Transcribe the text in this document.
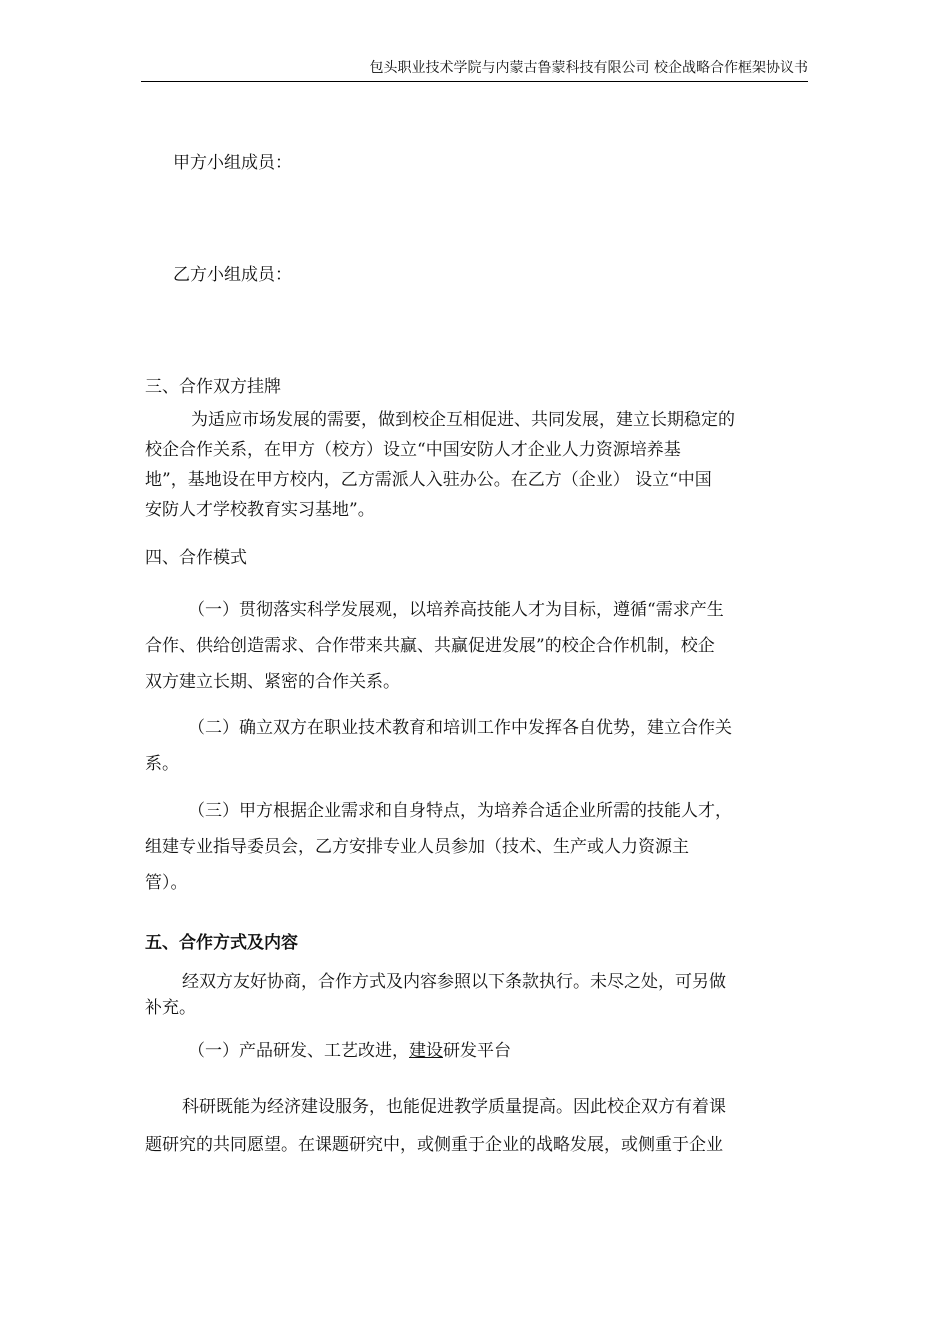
包头职业技术学院与内蒙古鲁蒙科技有限公司 校企战略合作框架协议书

甲方小组成员：

乙方小组成员：

三、合作双方挂牌

为适应市场发展的需要，做到校企互相促进、共同发展，建立长期稳定的
校企合作关系，在甲方（校方）设立“中国安防人才企业人力资源培养基
地”，基地设在甲方校内，乙方需派人入驻办公。在乙方（企业） 设立“中国
安防人才学校教育实习基地”。

四、合作模式

（一）贯彻落实科学发展观，以培养高技能人才为目标，遵循“需求产生
合作、供给创造需求、合作带来共赢、共赢促进发展”的校企合作机制，校企
双方建立长期、紧密的合作关系。
（二）确立双方在职业技术教育和培训工作中发挥各自优势，建立合作关
系。
（三）甲方根据企业需求和自身特点，为培养合适企业所需的技能人才，
组建专业指导委员会，乙方安排专业人员参加（技术、生产或人力资源主
管）。

五、合作方式及内容

经双方友好协商，合作方式及内容参照以下条款执行。未尽之处，可另做
补充。

（一）产品研发、工艺改进，建设研发平台

科研既能为经济建设服务，也能促进教学质量提高。因此校企双方有着课
题研究的共同愿望。在课题研究中，或侧重于企业的战略发展，或侧重于企业
